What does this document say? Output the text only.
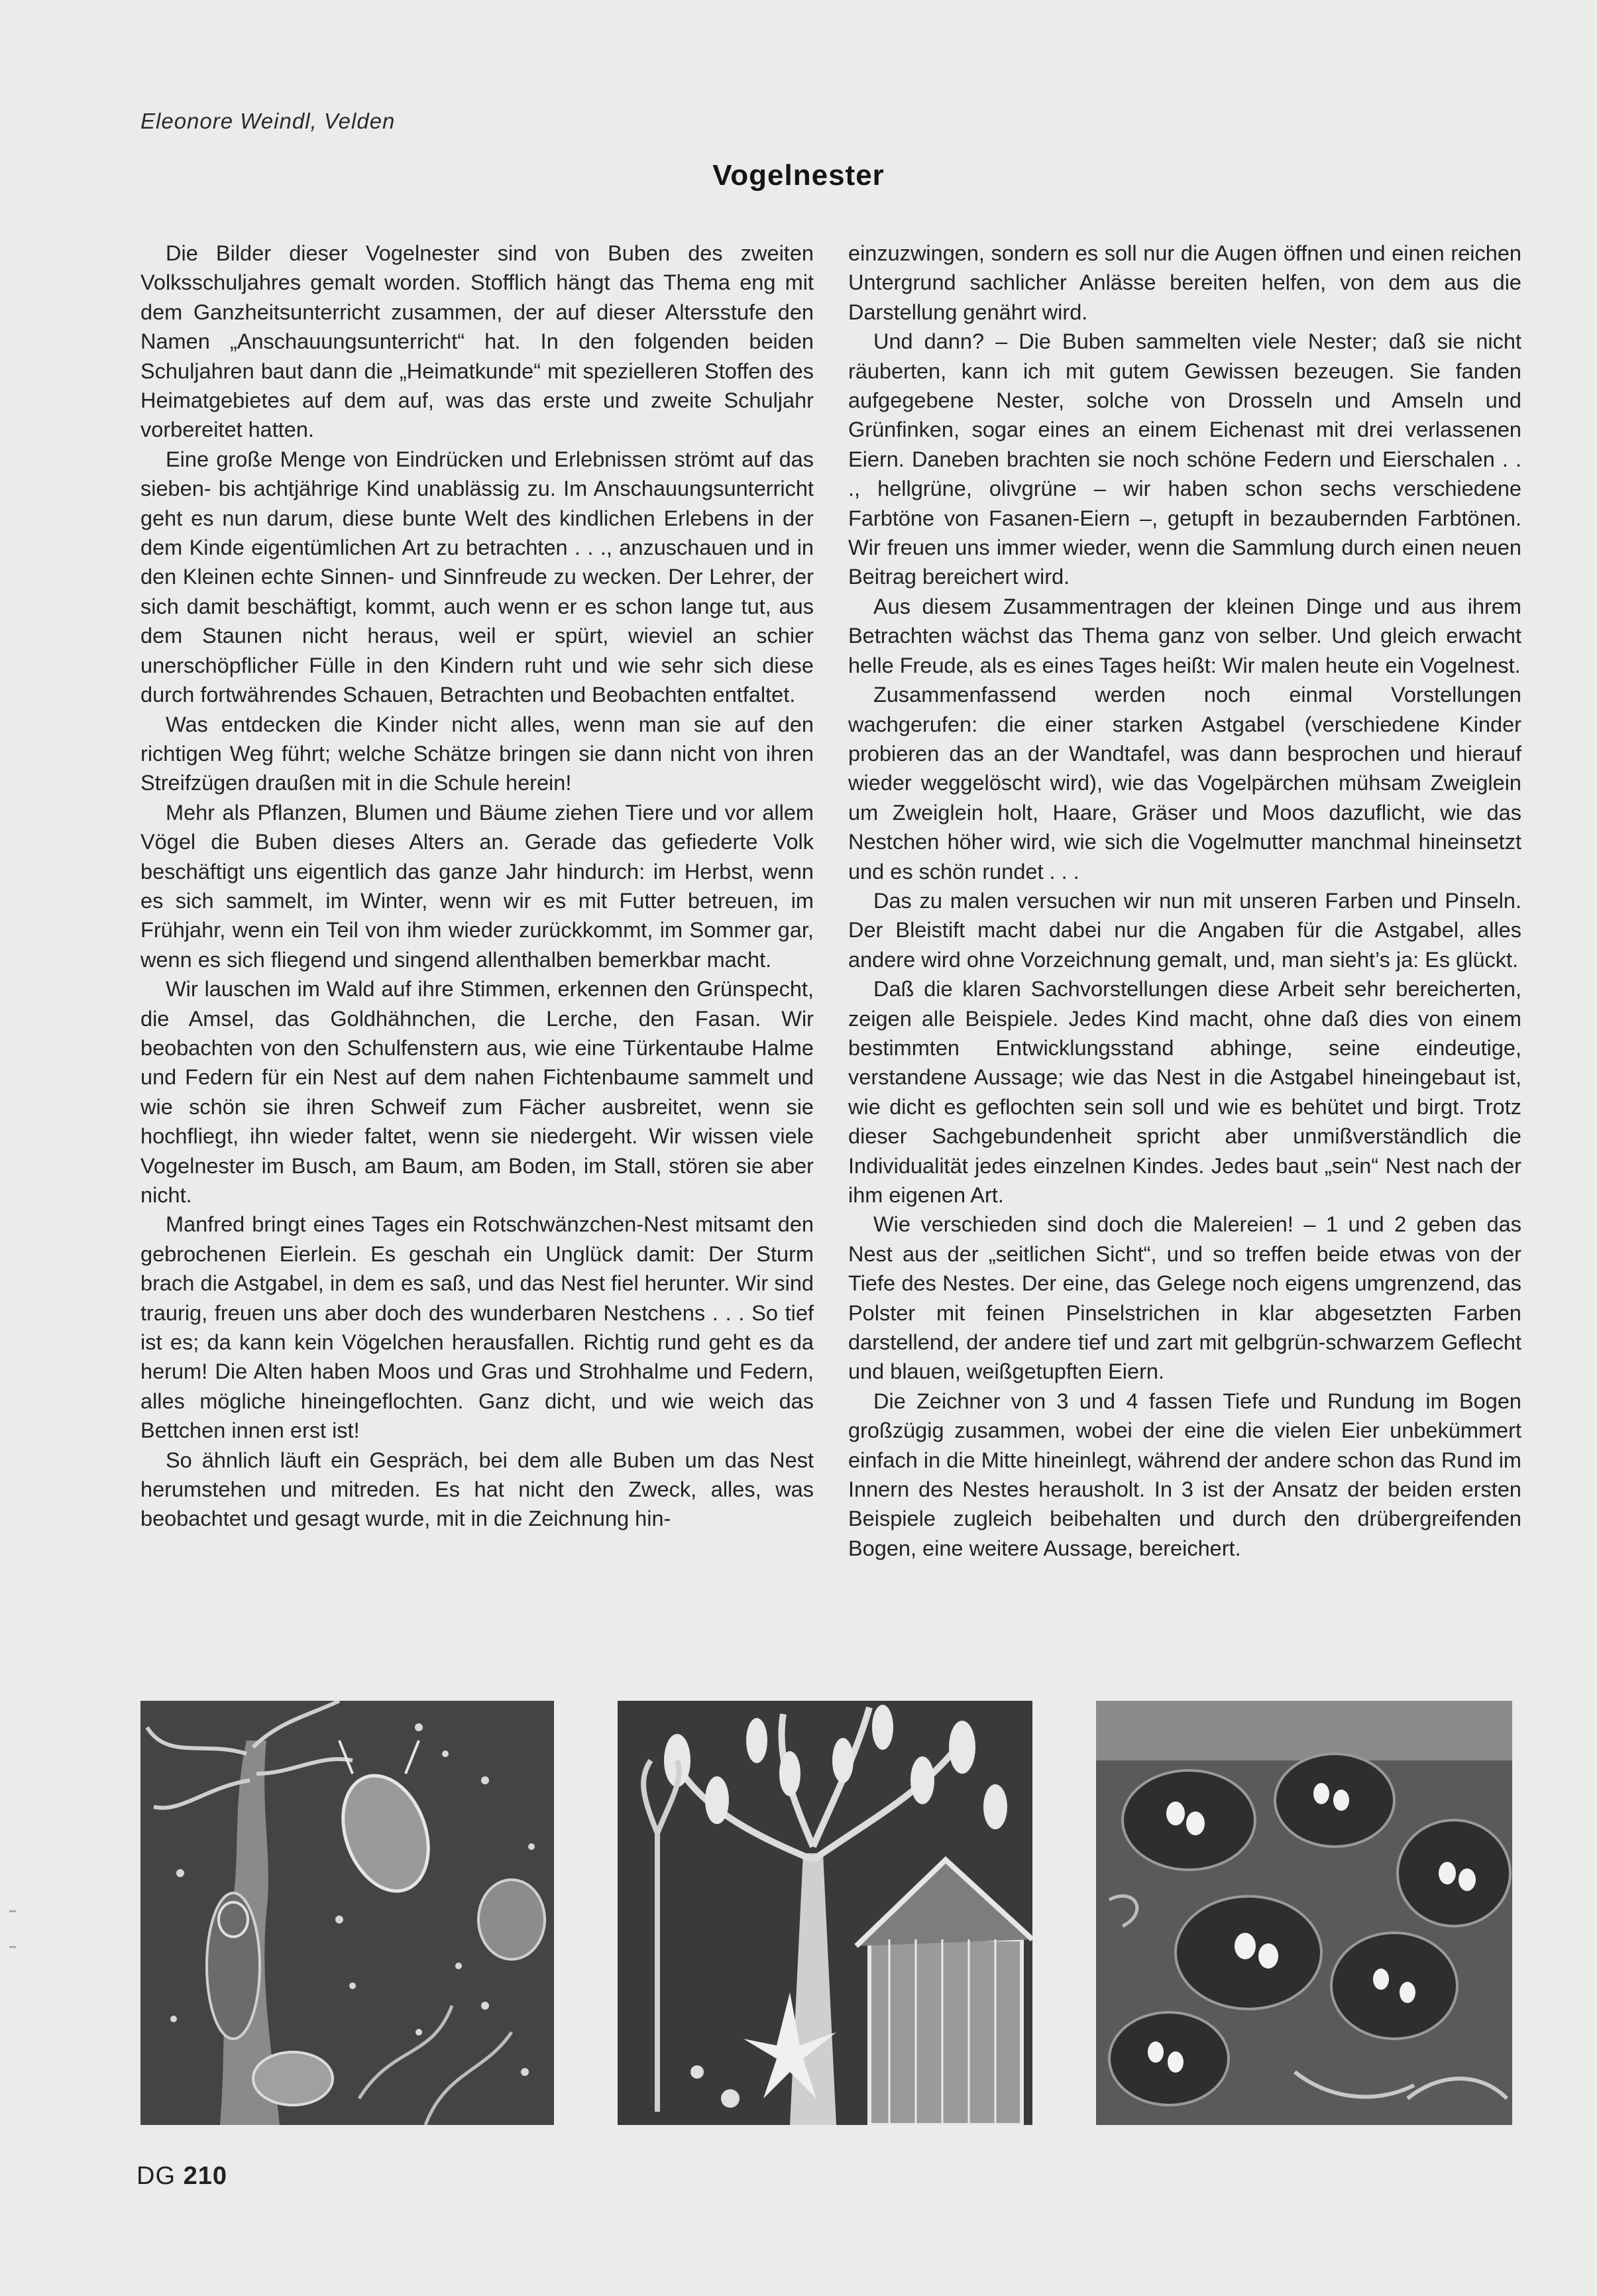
Eleonore Weindl, Velden
Vogelnester

Die Bilder dieser Vogelnester sind von Buben des zweiten Volksschuljahres gemalt worden. Stofflich hängt das Thema eng mit dem Ganzheitsunterricht zusammen, der auf dieser Altersstufe den Namen „Anschauungsunterricht“ hat. In den folgenden beiden Schuljahren baut dann die „Heimatkunde“ mit spezielleren Stoffen des Heimatgebietes auf dem auf, was das erste und zweite Schuljahr vorbereitet hatten.

Eine große Menge von Eindrücken und Erlebnissen strömt auf das sieben- bis achtjährige Kind unablässig zu. Im Anschauungsunterricht geht es nun darum, diese bunte Welt des kindlichen Erlebens in der dem Kinde eigentümlichen Art zu betrachten . . ., anzuschauen und in den Kleinen echte Sinnen- und Sinnfreude zu wecken. Der Lehrer, der sich damit beschäftigt, kommt, auch wenn er es schon lange tut, aus dem Staunen nicht heraus, weil er spürt, wieviel an schier unerschöpflicher Fülle in den Kindern ruht und wie sehr sich diese durch fortwährendes Schauen, Betrachten und Beobachten entfaltet.

Was entdecken die Kinder nicht alles, wenn man sie auf den richtigen Weg führt; welche Schätze bringen sie dann nicht von ihren Streifzügen draußen mit in die Schule herein!

Mehr als Pflanzen, Blumen und Bäume ziehen Tiere und vor allem Vögel die Buben dieses Alters an. Gerade das gefiederte Volk beschäftigt uns eigentlich das ganze Jahr hindurch: im Herbst, wenn es sich sammelt, im Winter, wenn wir es mit Futter betreuen, im Frühjahr, wenn ein Teil von ihm wieder zurückkommt, im Sommer gar, wenn es sich fliegend und singend allenthalben bemerkbar macht.

Wir lauschen im Wald auf ihre Stimmen, erkennen den Grünspecht, die Amsel, das Goldhähnchen, die Lerche, den Fasan. Wir beobachten von den Schulfenstern aus, wie eine Türkentaube Halme und Federn für ein Nest auf dem nahen Fichtenbaume sammelt und wie schön sie ihren Schweif zum Fächer ausbreitet, wenn sie hochfliegt, ihn wieder faltet, wenn sie niedergeht. Wir wissen viele Vogelnester im Busch, am Baum, am Boden, im Stall, stören sie aber nicht.

Manfred bringt eines Tages ein Rotschwänzchen-Nest mitsamt den gebrochenen Eierlein. Es geschah ein Unglück damit: Der Sturm brach die Astgabel, in dem es saß, und das Nest fiel herunter. Wir sind traurig, freuen uns aber doch des wunderbaren Nestchens . . . So tief ist es; da kann kein Vögelchen herausfallen. Richtig rund geht es da herum! Die Alten haben Moos und Gras und Strohhalme und Federn, alles mögliche hineingeflochten. Ganz dicht, und wie weich das Bettchen innen erst ist!

So ähnlich läuft ein Gespräch, bei dem alle Buben um das Nest herumstehen und mitreden. Es hat nicht den Zweck, alles, was beobachtet und gesagt wurde, mit in die Zeichnung hin-

einzuzwingen, sondern es soll nur die Augen öffnen und einen reichen Untergrund sachlicher Anlässe bereiten helfen, von dem aus die Darstellung genährt wird.

Und dann? – Die Buben sammelten viele Nester; daß sie nicht räuberten, kann ich mit gutem Gewissen bezeugen. Sie fanden aufgegebene Nester, solche von Drosseln und Amseln und Grünfinken, sogar eines an einem Eichenast mit drei verlassenen Eiern. Daneben brachten sie noch schöne Federn und Eierschalen . . ., hellgrüne, olivgrüne – wir haben schon sechs verschiedene Farbtöne von Fasanen-Eiern –, getupft in bezaubernden Farbtönen. Wir freuen uns immer wieder, wenn die Sammlung durch einen neuen Beitrag bereichert wird.

Aus diesem Zusammentragen der kleinen Dinge und aus ihrem Betrachten wächst das Thema ganz von selber. Und gleich erwacht helle Freude, als es eines Tages heißt: Wir malen heute ein Vogelnest.

Zusammenfassend werden noch einmal Vorstellungen wachgerufen: die einer starken Astgabel (verschiedene Kinder probieren das an der Wandtafel, was dann besprochen und hierauf wieder weggelöscht wird), wie das Vogelpärchen mühsam Zweiglein um Zweiglein holt, Haare, Gräser und Moos dazuflicht, wie das Nestchen höher wird, wie sich die Vogelmutter manchmal hineinsetzt und es schön rundet . . .

Das zu malen versuchen wir nun mit unseren Farben und Pinseln. Der Bleistift macht dabei nur die Angaben für die Astgabel, alles andere wird ohne Vorzeichnung gemalt, und, man sieht’s ja: Es glückt.

Daß die klaren Sachvorstellungen diese Arbeit sehr bereicherten, zeigen alle Beispiele. Jedes Kind macht, ohne daß dies von einem bestimmten Entwicklungsstand abhinge, seine eindeutige, verstandene Aussage; wie das Nest in die Astgabel hineingebaut ist, wie dicht es geflochten sein soll und wie es behütet und birgt. Trotz dieser Sachgebundenheit spricht aber unmißverständlich die Individualität jedes einzelnen Kindes. Jedes baut „sein“ Nest nach der ihm eigenen Art.

Wie verschieden sind doch die Malereien! – 1 und 2 geben das Nest aus der „seitlichen Sicht“, und so treffen beide etwas von der Tiefe des Nestes. Der eine, das Gelege noch eigens umgrenzend, das Polster mit feinen Pinselstrichen in klar abgesetzten Farben darstellend, der andere tief und zart mit gelbgrün-schwarzem Geflecht und blauen, weißgetupften Eiern.

Die Zeichner von 3 und 4 fassen Tiefe und Rundung im Bogen großzügig zusammen, wobei der eine die vielen Eier unbekümmert einfach in die Mitte hineinlegt, während der andere schon das Rund im Innern des Nestes herausholt. In 3 ist der Ansatz der beiden ersten Beispiele zugleich beibehalten und durch den drübergreifenden Bogen, eine weitere Aussage, bereichert.

DG 210
